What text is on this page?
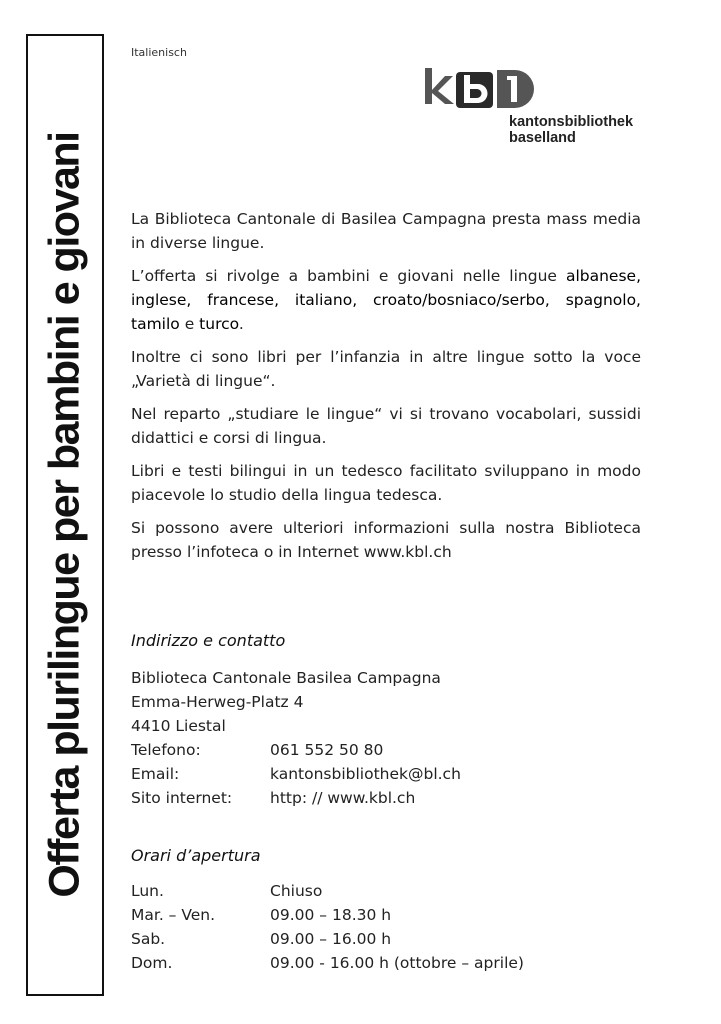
Offerta plurilingue per bambini e giovani
Italienisch
kantonsbibliothek
baselland

La Biblioteca Cantonale di Basilea Campagna presta mass media in diverse lingue.

L’offerta si rivolge a bambini e giovani nelle lingue albanese, inglese, francese, italiano, croato/bosniaco/serbo, spagnolo, tamilo e turco.

Inoltre ci sono libri per l’infanzia in altre lingue sotto la voce „Varietà di lingue“.

Nel reparto „studiare le lingue“ vi si trovano vocabolari, sussidi didattici e corsi di lingua.

Libri e testi bilingui in un tedesco facilitato sviluppano in modo piacevole lo studio della lingua tedesca.

Si possono avere ulteriori informazioni sulla nostra Biblioteca presso l’infoteca o in Internet www.kbl.ch

Indirizzo e contatto
Biblioteca Cantonale Basilea Campagna
Emma-Herweg-Platz 4
4410 Liestal
Telefono:	061 552 50 80
Email:	kantonsbibliothek@bl.ch
Sito internet:	http: // www.kbl.ch
Orari d’apertura
Lun.	Chiuso
Mar. – Ven.	09.00 – 18.30 h
Sab.	09.00 – 16.00 h
Dom.	09.00 - 16.00 h (ottobre – aprile)
